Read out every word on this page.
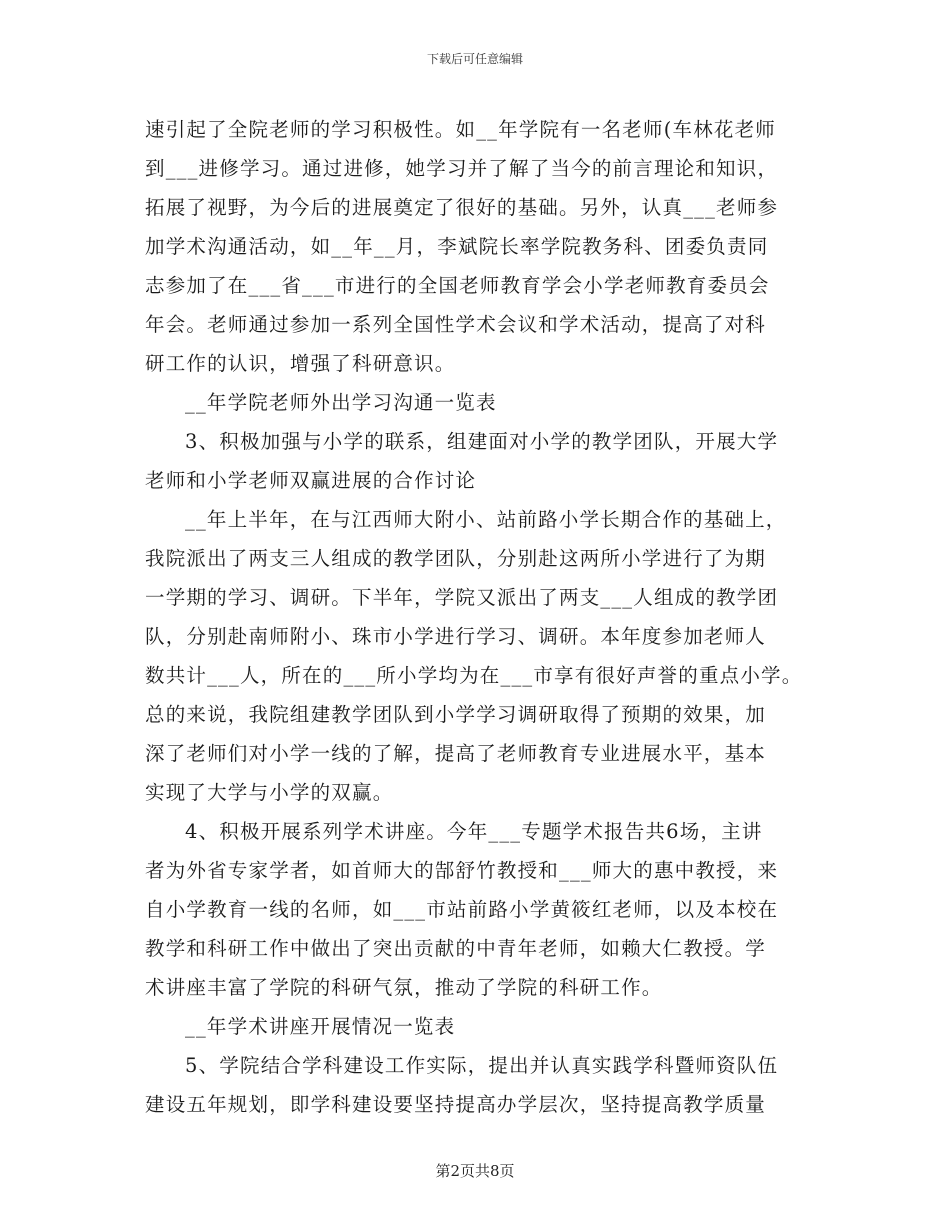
下载后可任意编辑
速引起了全院老师的学习积极性。如__年学院有一名老师(车林花老师
到___进修学习。通过进修，她学习并了解了当今的前言理论和知识，
拓展了视野，为今后的进展奠定了很好的基础。另外，认真___老师参
加学术沟通活动，如__年__月，李斌院长率学院教务科、团委负责同
志参加了在___省___市进行的全国老师教育学会小学老师教育委员会
年会。老师通过参加一系列全国性学术会议和学术活动，提高了对科
研工作的认识，增强了科研意识。
__年学院老师外出学习沟通一览表
3、积极加强与小学的联系，组建面对小学的教学团队，开展大学
老师和小学老师双赢进展的合作讨论
__年上半年，在与江西师大附小、站前路小学长期合作的基础上，
我院派出了两支三人组成的教学团队，分别赴这两所小学进行了为期
一学期的学习、调研。下半年，学院又派出了两支___人组成的教学团
队，分别赴南师附小、珠市小学进行学习、调研。本年度参加老师人
数共计___人，所在的___所小学均为在___市享有很好声誉的重点小学。
总的来说，我院组建教学团队到小学学习调研取得了预期的效果，加
深了老师们对小学一线的了解，提高了老师教育专业进展水平，基本
实现了大学与小学的双赢。
4、积极开展系列学术讲座。今年___专题学术报告共6场，主讲
者为外省专家学者，如首师大的郜舒竹教授和___师大的惠中教授，来
自小学教育一线的名师，如___市站前路小学黄筱红老师，以及本校在
教学和科研工作中做出了突出贡献的中青年老师，如赖大仁教授。学
术讲座丰富了学院的科研气氛，推动了学院的科研工作。
__年学术讲座开展情况一览表
5、学院结合学科建设工作实际，提出并认真实践学科暨师资队伍
建设五年规划，即学科建设要坚持提高办学层次，坚持提高教学质量
第2页共8页
